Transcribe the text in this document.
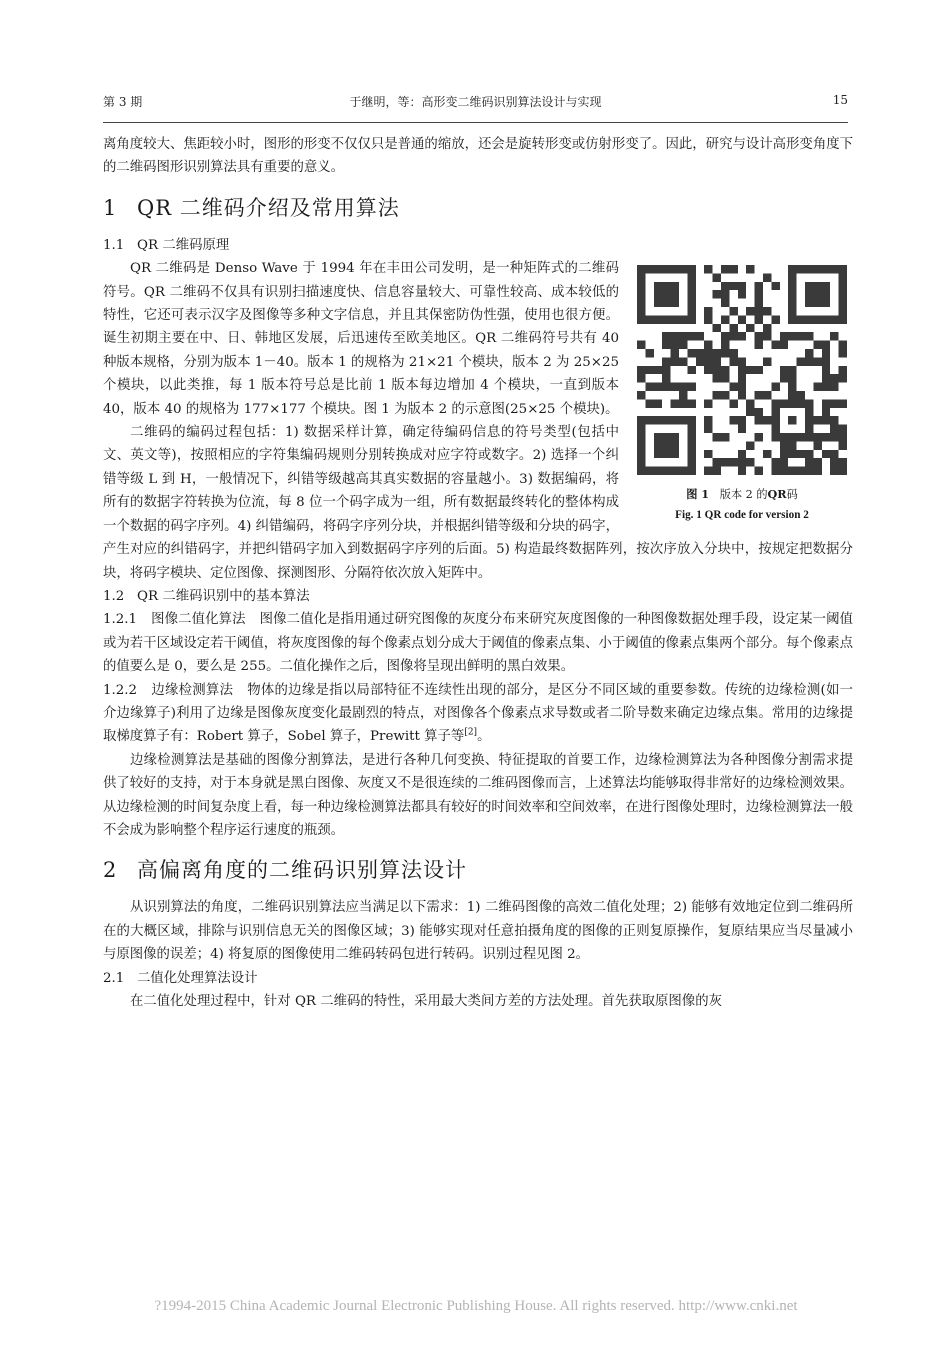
第 3 期	于继明，等：高形变二维码识别算法设计与实现	15

离角度较大、焦距较小时，图形的形变不仅仅只是普通的缩放，还会是旋转形变或仿射形变了。因此，研究与设计高形变角度下的二维码图形识别算法具有重要的意义。

1 QR 二维码介绍及常用算法
1.1 QR 二维码原理
图 1 版本 2 的QR码
Fig. 1 QR code for version 2

QR 二维码是 Denso Wave 于 1994 年在丰田公司发明，是一种矩阵式的二维码符号。QR 二维码不仅具有识别扫描速度快、信息容量较大、可靠性较高、成本较低的特性，它还可表示汉字及图像等多种文字信息，并且其保密防伪性强，使用也很方便。诞生初期主要在中、日、韩地区发展，后迅速传至欧美地区。QR 二维码符号共有 40 种版本规格，分别为版本 1－40。版本 1 的规格为 21×21 个模块，版本 2 为 25×25 个模块，以此类推，每 1 版本符号总是比前 1 版本每边增加 4 个模块，一直到版本 40，版本 40 的规格为 177×177 个模块。图 1 为版本 2 的示意图(25×25 个模块)。

二维码的编码过程包括：1) 数据采样计算，确定待编码信息的符号类型(包括中文、英文等)，按照相应的字符集编码规则分别转换成对应字符或数字。2) 选择一个纠错等级 L 到 H，一般情况下，纠错等级越高其真实数据的容量越小。3) 数据编码，将所有的数据字符转换为位流，每 8 位一个码字成为一组，所有数据最终转化的整体构成一个数据的码字序列。4) 纠错编码，将码字序列分块，并根据纠错等级和分块的码字，产生对应的纠错码字，并把纠错码字加入到数据码字序列的后面。5) 构造最终数据阵列，按次序放入分块中，按规定把数据分块，将码字模块、定位图像、探测图形、分隔符依次放入矩阵中。

1.2 QR 二维码识别中的基本算法

1.2.1 图像二值化算法 图像二值化是指用通过研究图像的灰度分布来研究灰度图像的一种图像数据处理手段，设定某一阈值或为若干区域设定若干阈值，将灰度图像的每个像素点划分成大于阈值的像素点集、小于阈值的像素点集两个部分。每个像素点的值要么是 0，要么是 255。二值化操作之后，图像将呈现出鲜明的黑白效果。

1.2.2 边缘检测算法 物体的边缘是指以局部特征不连续性出现的部分，是区分不同区域的重要参数。传统的边缘检测(如一介边缘算子)利用了边缘是图像灰度变化最剧烈的特点，对图像各个像素点求导数或者二阶导数来确定边缘点集。常用的边缘提取梯度算子有：Robert 算子，Sobel 算子，Prewitt 算子等[2]。

边缘检测算法是基础的图像分割算法，是进行各种几何变换、特征提取的首要工作，边缘检测算法为各种图像分割需求提供了较好的支持，对于本身就是黑白图像、灰度又不是很连续的二维码图像而言，上述算法均能够取得非常好的边缘检测效果。从边缘检测的时间复杂度上看，每一种边缘检测算法都具有较好的时间效率和空间效率，在进行图像处理时，边缘检测算法一般不会成为影响整个程序运行速度的瓶颈。

2 高偏离角度的二维码识别算法设计

从识别算法的角度，二维码识别算法应当满足以下需求：1) 二维码图像的高效二值化处理；2) 能够有效地定位到二维码所在的大概区域，排除与识别信息无关的图像区域；3) 能够实现对任意拍摄角度的图像的正则复原操作，复原结果应当尽量减小与原图像的误差；4) 将复原的图像使用二维码转码包进行转码。识别过程见图 2。

2.1 二值化处理算法设计

在二值化处理过程中，针对 QR 二维码的特性，采用最大类间方差的方法处理。首先获取原图像的灰

?1994-2015 China Academic Journal Electronic Publishing House. All rights reserved. http://www.cnki.net
